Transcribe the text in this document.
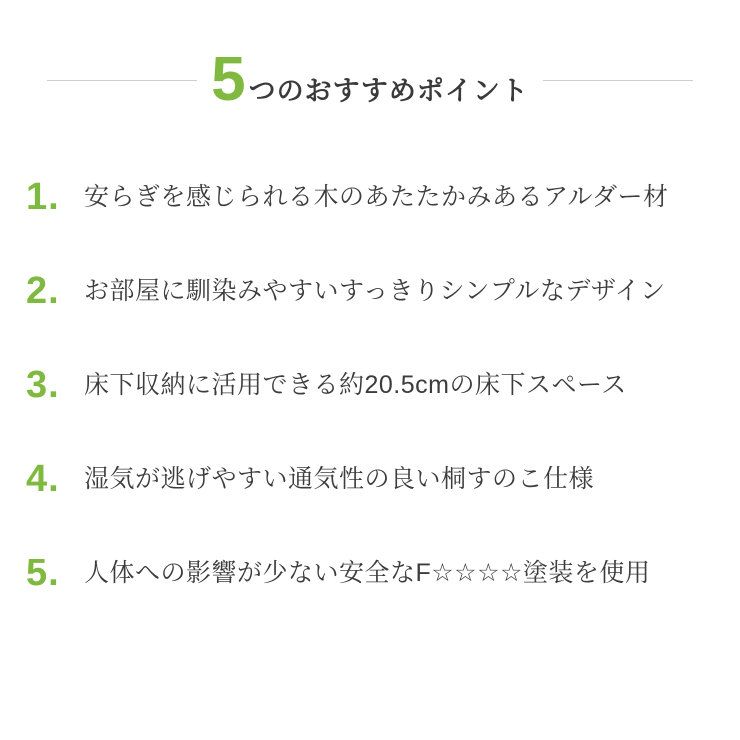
5 つのおすすめポイント
1. 安らぎを感じられる木のあたたかみあるアルダー材
2. お部屋に馴染みやすいすっきりシンプルなデザイン
3. 床下収納に活用できる約20.5cmの床下スペース
4. 湿気が逃げやすい通気性の良い桐すのこ仕様
5. 人体への影響が少ない安全なF☆☆☆☆塗装を使用
